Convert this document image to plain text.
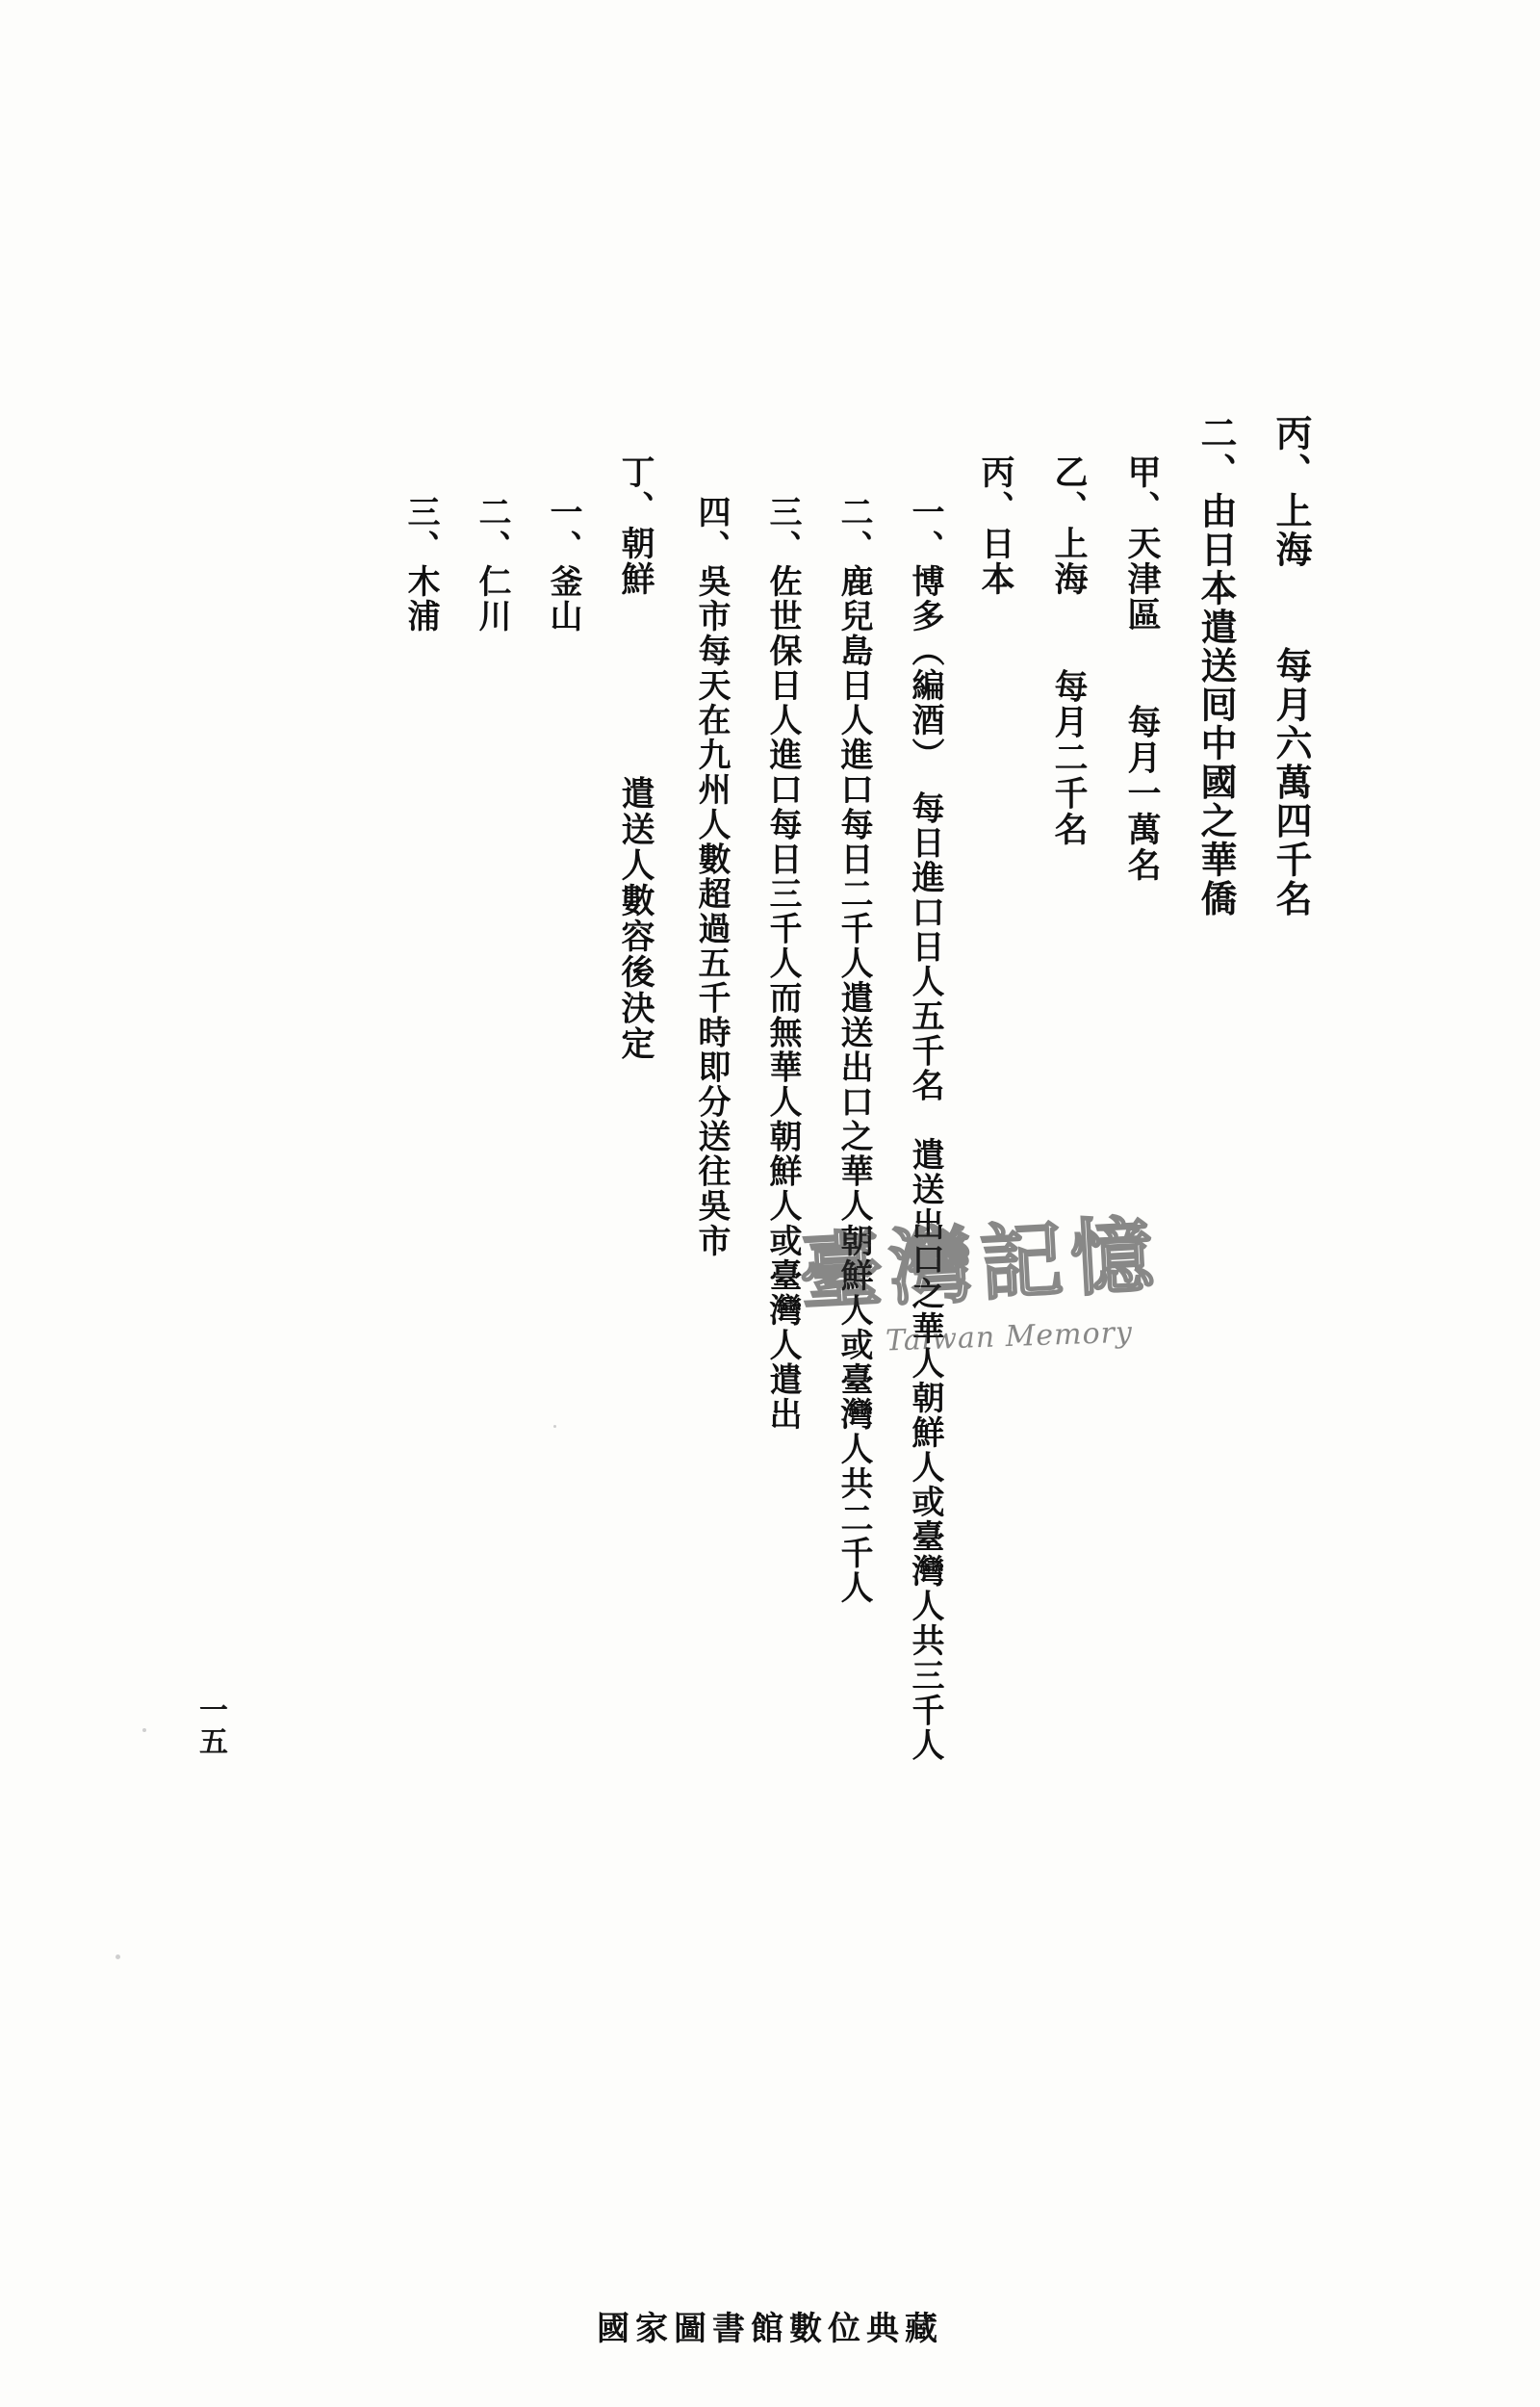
丙、上海　　每月六萬四千名
二、由日本遣送囘中國之華僑
甲、天津區　　每月一萬名
乙、上海　　每月二千名
丙、日本
一、博多（編酒）　每日進口日人五千名　遣送出口之華人朝鮮人或臺灣人共三千人
二、鹿兒島日人進口每日二千人遣送出口之華人朝鮮人或臺灣人共二千人
三、佐世保日人進口每日三千人而無華人朝鮮人或臺灣人遣出
四、吳市每天在九州人數超過五千時即分送往吳市
丁、朝鮮　　　　　遣送人數容後決定
一、釜山
二、仁川
三、木浦
一五
臺灣記憶
Taiwan Memory
國家圖書館數位典藏
